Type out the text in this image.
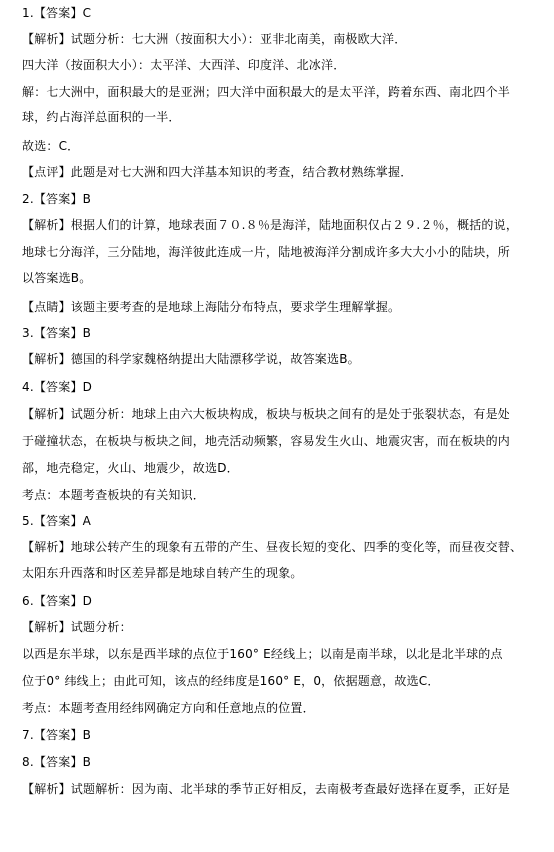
1.【答案】C
【解析】试题分析：七大洲（按面积大小）：亚非北南美，南极欧大洋．
四大洋（按面积大小）：太平洋、大西洋、印度洋、北冰洋．
解：七大洲中，面积最大的是亚洲；四大洋中面积最大的是太平洋，跨着东西、南北四个半
球，约占海洋总面积的一半．
故选：C．
【点评】此题是对七大洲和四大洋基本知识的考查，结合教材熟练掌握．
2.【答案】B
【解析】根据人们的计算，地球表面７０.８％是海洋，陆地面积仅占２９.２％，概括的说，
地球七分海洋，三分陆地，海洋彼此连成一片，陆地被海洋分割成许多大大小小的陆块，所
以答案选B。
【点睛】该题主要考查的是地球上海陆分布特点，要求学生理解掌握。
3.【答案】B
【解析】德国的科学家魏格纳提出大陆漂移学说，故答案选B。
4.【答案】D
【解析】试题分析：地球上由六大板块构成，板块与板块之间有的是处于张裂状态，有是处
于碰撞状态，在板块与板块之间，地壳活动频繁，容易发生火山、地震灾害，而在板块的内
部，地壳稳定，火山、地震少，故选D．
考点：本题考查板块的有关知识．
5.【答案】A
【解析】地球公转产生的现象有五带的产生、昼夜长短的变化、四季的变化等，而昼夜交替、
太阳东升西落和时区差异都是地球自转产生的现象。
6.【答案】D
【解析】试题分析：
以西是东半球，以东是西半球的点位于160° E经线上；以南是南半球，以北是北半球的点
位于0° 纬线上；由此可知，该点的经纬度是160° E，0，依据题意，故选C．
考点：本题考查用经纬网确定方向和任意地点的位置．
7.【答案】B
8.【答案】B
【解析】试题解析：因为南、北半球的季节正好相反，去南极考查最好选择在夏季，正好是
